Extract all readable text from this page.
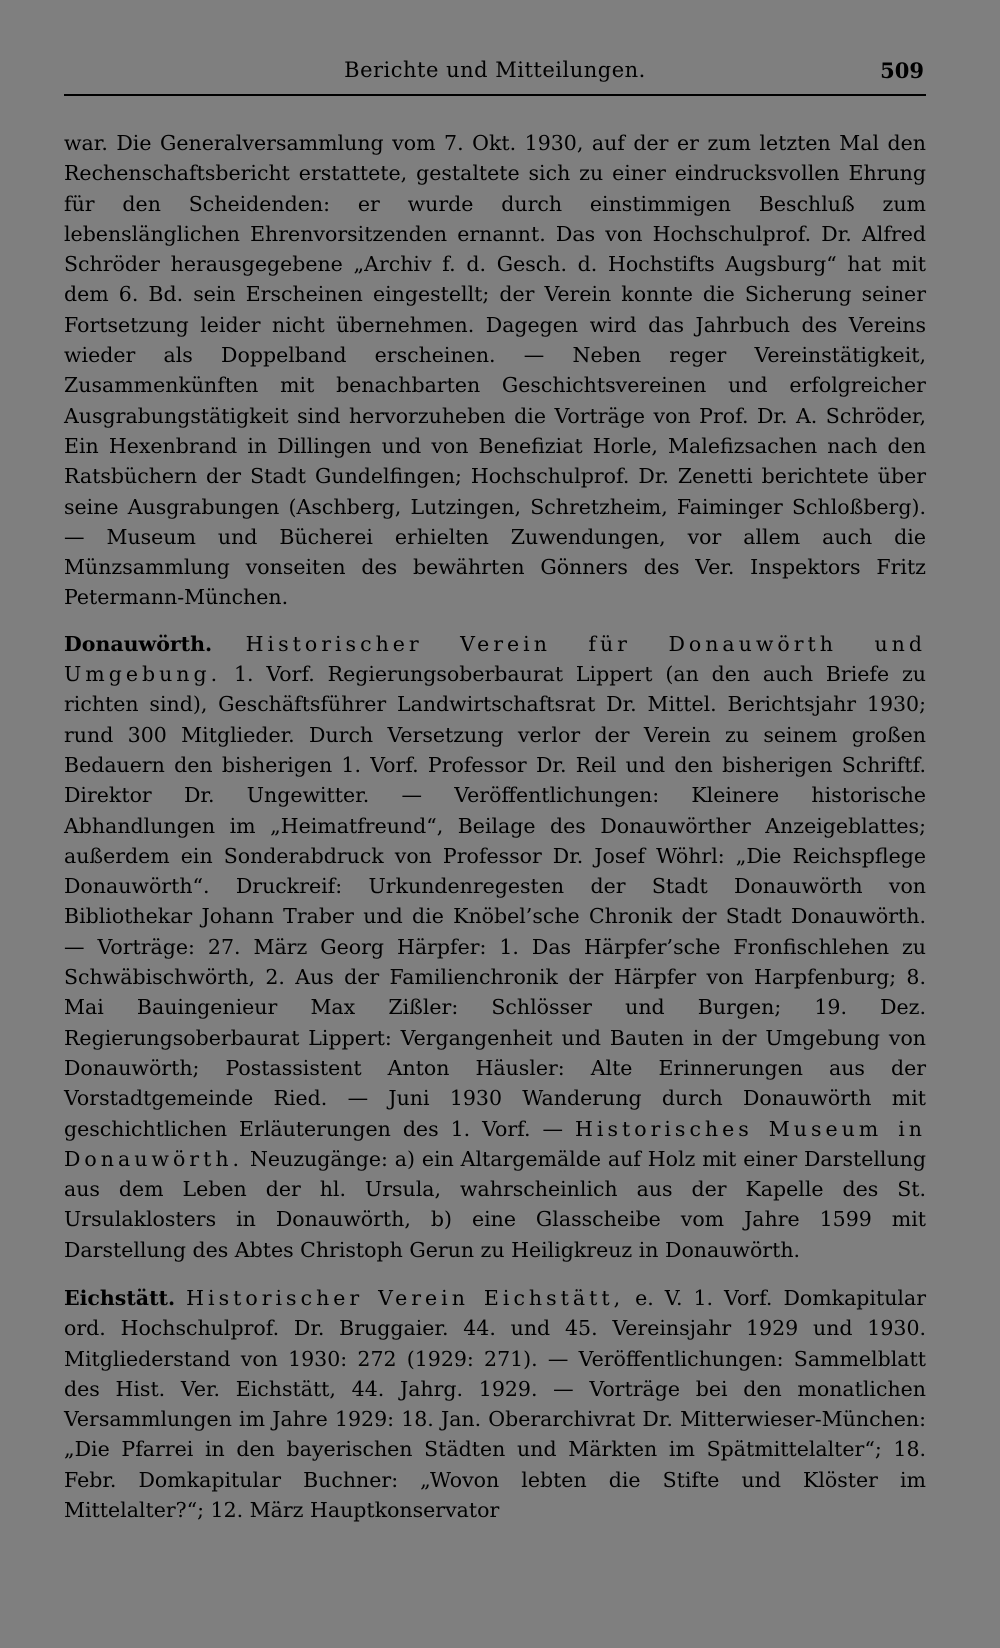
Berichte und Mitteilungen.	509

war. Die Generalversammlung vom 7. Okt. 1930, auf der er zum letzten Mal den Rechenschaftsbericht erstattete, gestaltete sich zu einer eindrucksvollen Ehrung für den Scheidenden: er wurde durch einstimmigen Beschluß zum lebenslänglichen Ehrenvorsitzenden ernannt. Das von Hochschulprof. Dr. Alfred Schröder herausgegebene „Archiv f. d. Gesch. d. Hochstifts Augsburg“ hat mit dem 6. Bd. sein Erscheinen eingestellt; der Verein konnte die Sicherung seiner Fortsetzung leider nicht übernehmen. Dagegen wird das Jahrbuch des Vereins wieder als Doppelband erscheinen. — Neben reger Vereinstätigkeit, Zusammenkünften mit benachbarten Geschichtsvereinen und erfolgreicher Ausgrabungstätigkeit sind hervorzuheben die Vorträge von Prof. Dr. A. Schröder, Ein Hexenbrand in Dillingen und von Benefiziat Horle, Malefizsachen nach den Ratsbüchern der Stadt Gundelfingen; Hochschulprof. Dr. Zenetti berichtete über seine Ausgrabungen (Aschberg, Lutzingen, Schretzheim, Faiminger Schloßberg). — Museum und Bücherei erhielten Zuwendungen, vor allem auch die Münzsammlung vonseiten des bewährten Gönners des Ver. Inspektors Fritz Petermann-München.

Donauwörth. Historischer Verein für Donauwörth und Umgebung. 1. Vorf. Regierungsoberbaurat Lippert (an den auch Briefe zu richten sind), Geschäftsführer Landwirtschaftsrat Dr. Mittel. Berichtsjahr 1930; rund 300 Mitglieder. Durch Versetzung verlor der Verein zu seinem großen Bedauern den bisherigen 1. Vorf. Professor Dr. Reil und den bisherigen Schriftf. Direktor Dr. Ungewitter. — Veröffentlichungen: Kleinere historische Abhandlungen im „Heimatfreund“, Beilage des Donauwörther Anzeigeblattes; außerdem ein Sonderabdruck von Professor Dr. Josef Wöhrl: „Die Reichspflege Donauwörth“. Druckreif: Urkundenregesten der Stadt Donauwörth von Bibliothekar Johann Traber und die Knöbel’sche Chronik der Stadt Donauwörth. — Vorträge: 27. März Georg Härpfer: 1. Das Härpfer’sche Fronfischlehen zu Schwäbischwörth, 2. Aus der Familienchronik der Härpfer von Harpfenburg; 8. Mai Bauingenieur Max Zißler: Schlösser und Burgen; 19. Dez. Regierungsoberbaurat Lippert: Vergangenheit und Bauten in der Umgebung von Donauwörth; Postassistent Anton Häusler: Alte Erinnerungen aus der Vorstadtgemeinde Ried. — Juni 1930 Wanderung durch Donauwörth mit geschichtlichen Erläuterungen des 1. Vorf. — Historisches Museum in Donauwörth. Neuzugänge: a) ein Altargemälde auf Holz mit einer Darstellung aus dem Leben der hl. Ursula, wahrscheinlich aus der Kapelle des St. Ursulaklosters in Donauwörth, b) eine Glasscheibe vom Jahre 1599 mit Darstellung des Abtes Christoph Gerun zu Heiligkreuz in Donauwörth.

Eichstätt. Historischer Verein Eichstätt, e. V. 1. Vorf. Domkapitular ord. Hochschulprof. Dr. Bruggaier. 44. und 45. Vereinsjahr 1929 und 1930. Mitgliederstand von 1930: 272 (1929: 271). — Veröffentlichungen: Sammelblatt des Hist. Ver. Eichstätt, 44. Jahrg. 1929. — Vorträge bei den monatlichen Versammlungen im Jahre 1929: 18. Jan. Oberarchivrat Dr. Mitterwieser-München: „Die Pfarrei in den bayerischen Städten und Märkten im Spätmittelalter“; 18. Febr. Domkapitular Buchner: „Wovon lebten die Stifte und Klöster im Mittelalter?“; 12. März Hauptkonservator
